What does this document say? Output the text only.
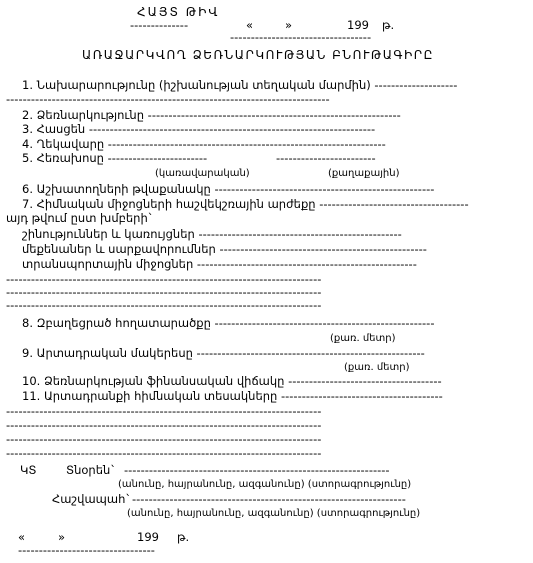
ՀԱՅՏ ԹԻՎ
--------------	«	»	199 թ.
----------------------------------
ԱՌԱՋԱՐԿՎՈՂ ՁԵՌՆԱՐԿՈՒԹՅԱՆ ԲՆՈՒԹԱԳԻՐԸ
1. Նախարարությունը (իշխանության տեղական մարմին) --------------------
------------------------------------------------------------------------------
2. Ձեռնարկությունը -------------------------------------------------------------
3. Հասցեն ---------------------------------------------------------------------
4. Ղեկավարը -------------------------------------------------------------------
5. Հեռախոսը ------------------------	------------------------
(կառավարական)	(քաղաքային)
6. Աշխատողների թվաքանակը -----------------------------------------------------
7. Հիմնական միջոցների հաշվեկշռային արժեքը ------------------------------------
այդ թվում ըստ խմբերի`
շինություններ և կառույցներ -------------------------------------------------
մեքենաներ և սարքավորումներ --------------------------------------------------
տրանսպորտային միջոցներ -----------------------------------------------------
----------------------------------------------------------------------------
----------------------------------------------------------------------------
----------------------------------------------------------------------------
8. Զբաղեցրած հողատարածքը -----------------------------------------------------
(քառ. մետր)
9. Արտադրական մակերեսը -------------------------------------------------------
(քառ. մետր)
10. Ձեռնարկության ֆինանսական վիճակը -------------------------------------
11. Արտադրանքի հիմնական տեսակները ---------------------------------------
----------------------------------------------------------------------------
----------------------------------------------------------------------------
----------------------------------------------------------------------------
----------------------------------------------------------------------------
ԿՏ	Տնօրեն` ----------------------------------------------------------------
(անունը, հայրանունը, ազգանունը) (ստորագրությունը)
Հաշվապահ` ------------------------------------------------------------------
(անունը, հայրանունը, ազգանունը) (ստորագրությունը)
«	»	199 թ.
---------------------------------
